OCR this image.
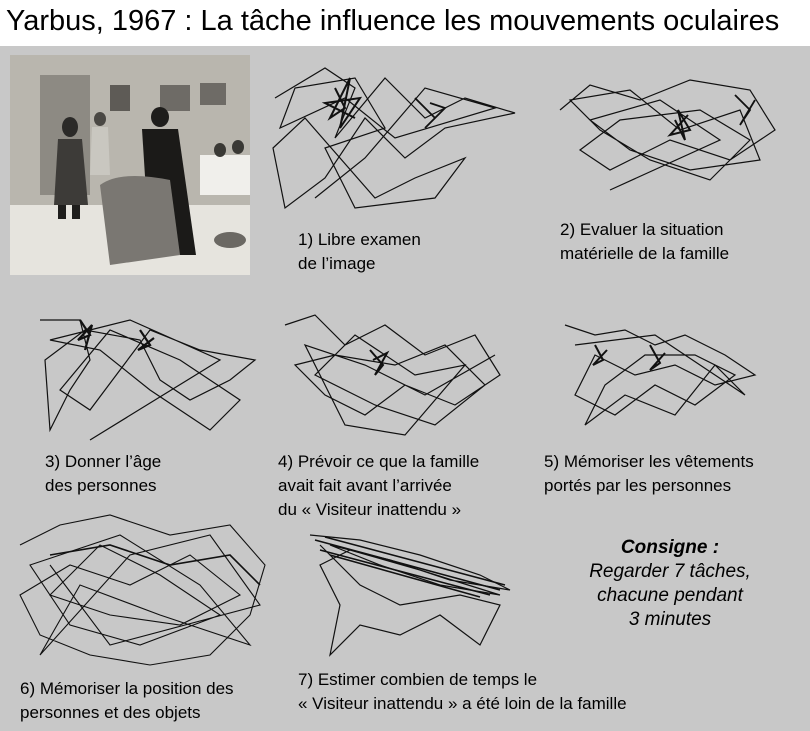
Yarbus, 1967 : La tâche influence les mouvements oculaires
1) Libre examen
de l’image
2) Evaluer la situation
matérielle de la famille
3) Donner l’âge
des personnes
4) Prévoir ce que la famille
avait fait avant l’arrivée
du « Visiteur inattendu »
5) Mémoriser les vêtements
portés par les personnes
6) Mémoriser la position des
personnes et des objets
7) Estimer combien de temps le
« Visiteur inattendu » a été loin de la famille
Consigne :
Regarder 7 tâches,
chacune pendant
3 minutes
